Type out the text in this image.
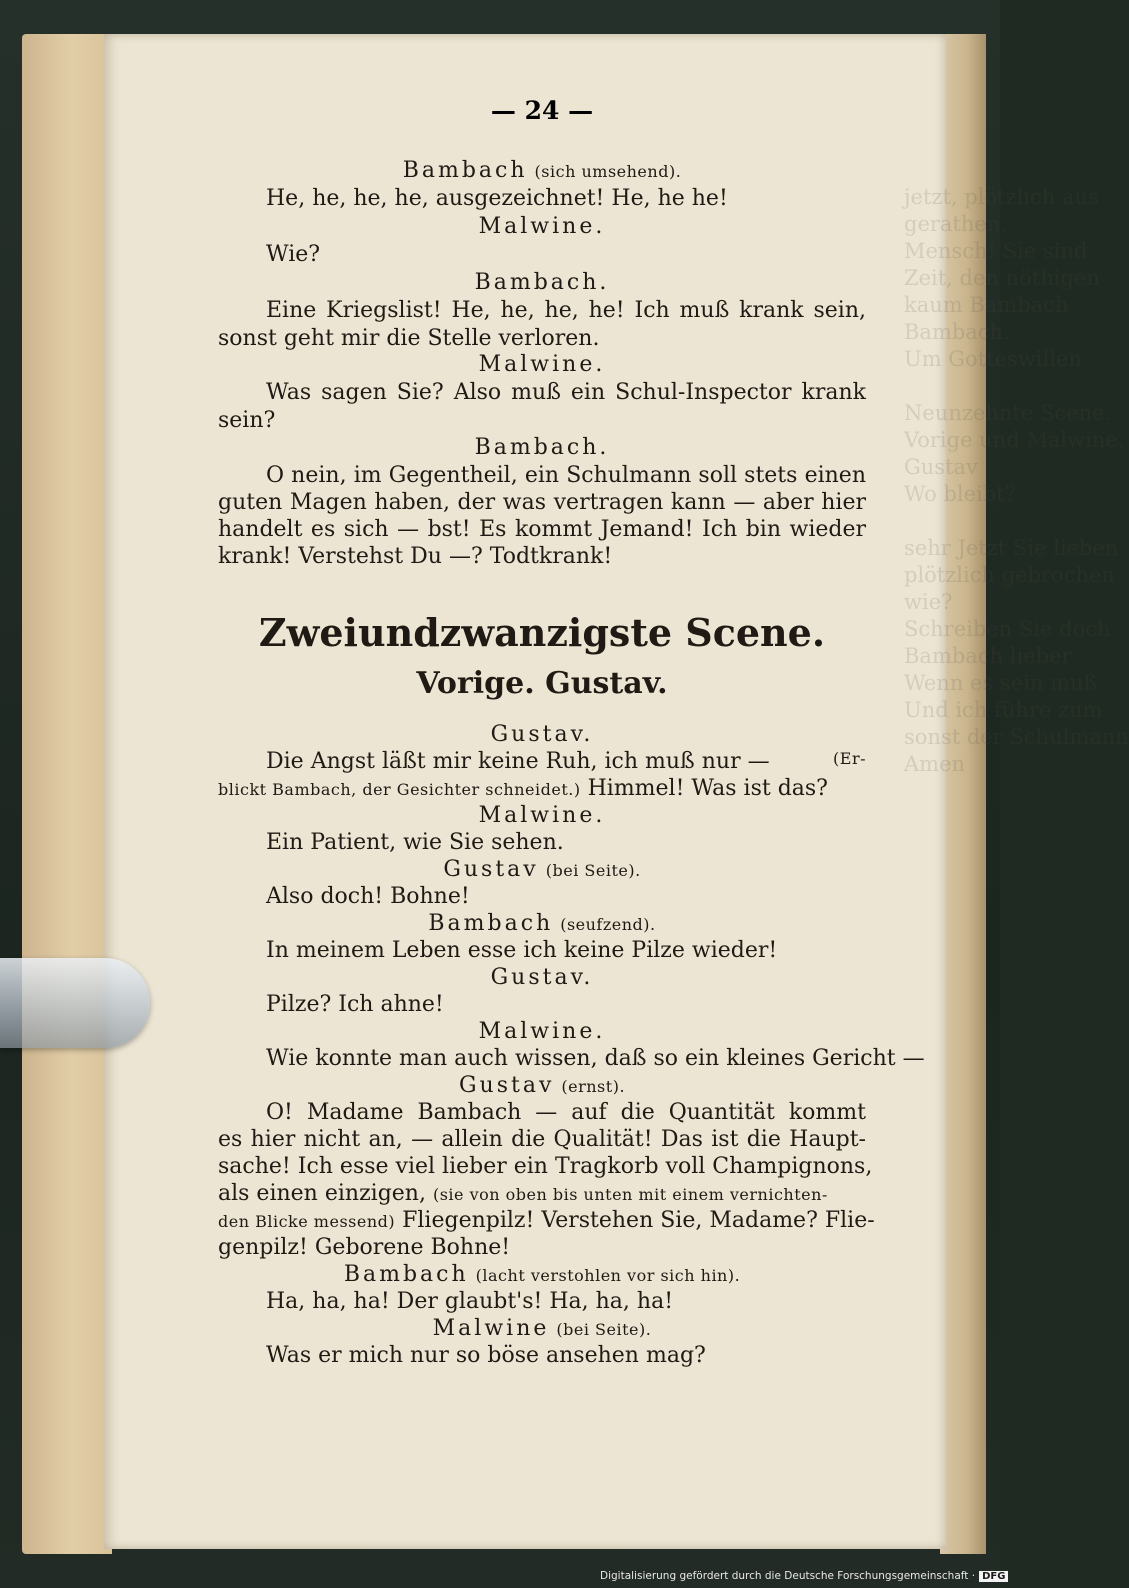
jetzt, plötzlich aus
gerathen.
Mensch! Sie sind
Zeit, den nöthigen
kaum Bambach
Bambach.
Um Gotteswillen

Neunzehnte Scene.
Vorige und Malwine.
Gustav
Wo bleibt?

sehr Jetzt Sie lieben
plötzlich gebrochen
wie?
Schreiben Sie doch
Bambach lieber
Wenn es sein muß
Und ich führe zum
sonst der Schulmann
Amen
— 24 —
Bambach (sich umsehend).
He, he, he, he, ausgezeichnet! He, he he!
Malwine.
Wie?
Bambach.
Eine Kriegslist! He, he, he, he! Ich muß krank sein,
sonst geht mir die Stelle verloren.
Malwine.
Was sagen Sie? Also muß ein Schul-Inspector krank
sein?
Bambach.
O nein, im Gegentheil, ein Schulmann soll stets einen
guten Magen haben, der was vertragen kann — aber hier
handelt es sich — bst! Es kommt Jemand! Ich bin wieder
krank! Verstehst Du —? Todtkrank!
Zweiundzwanzigste Scene.
Vorige. Gustav.
Gustav.
Die Angst läßt mir keine Ruh, ich muß nur —	(Er-
blickt Bambach, der Gesichter schneidet.) Himmel! Was ist das?
Malwine.
Ein Patient, wie Sie sehen.
Gustav (bei Seite).
Also doch! Bohne!
Bambach (seufzend).
In meinem Leben esse ich keine Pilze wieder!
Gustav.
Pilze? Ich ahne!
Malwine.
Wie konnte man auch wissen, daß so ein kleines Gericht —
Gustav (ernst).
O! Madame Bambach — auf die Quantität kommt
es hier nicht an, — allein die Qualität! Das ist die Haupt-
sache! Ich esse viel lieber ein Tragkorb voll Champignons,
als einen einzigen, (sie von oben bis unten mit einem vernichten-
den Blicke messend) Fliegenpilz! Verstehen Sie, Madame? Flie-
genpilz! Geborene Bohne!
Bambach (lacht verstohlen vor sich hin).
Ha, ha, ha! Der glaubt's! Ha, ha, ha!
Malwine (bei Seite).
Was er mich nur so böse ansehen mag?
Digitalisierung gefördert durch die Deutsche Forschungsgemeinschaft · DFG
